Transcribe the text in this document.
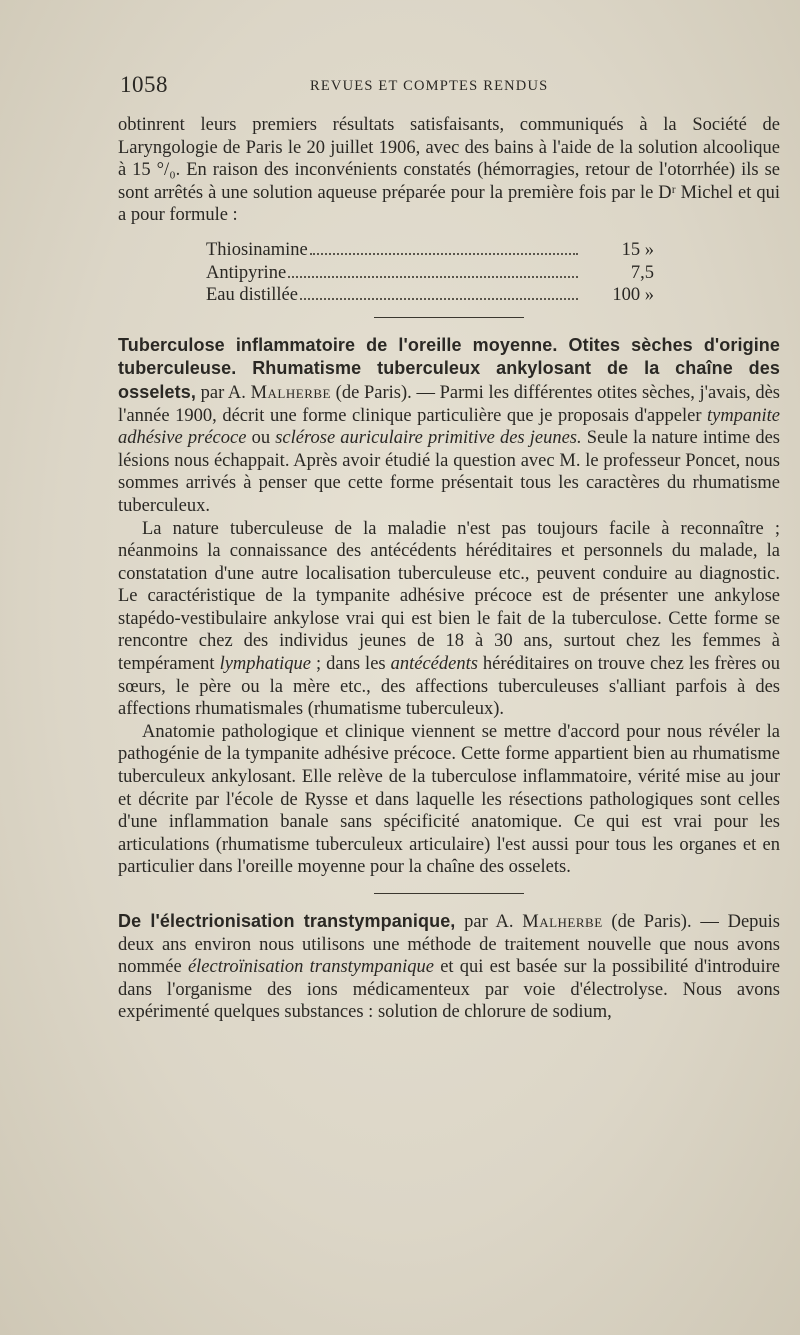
1058	REVUES ET COMPTES RENDUS

obtinrent leurs premiers résultats satisfaisants, communiqués à la Société de Laryngologie de Paris le 20 juillet 1906, avec des bains à l'aide de la solution alcoolique à 15 °/₀. En raison des inconvénients constatés (hémorragies, retour de l'otorrhée) ils se sont arrêtés à une solution aqueuse préparée pour la première fois par le Dʳ Michel et qui a pour formule :

Thiosinamine	15 »
Antipyrine	7,5
Eau distillée	100 »

Tuberculose inflammatoire de l'oreille moyenne. Otites sèches d'origine tuberculeuse. Rhumatisme tuberculeux ankylosant de la chaîne des osselets, par A. Malherbe (de Paris). — Parmi les différentes otites sèches, j'avais, dès l'année 1900, décrit une forme clinique particulière que je proposais d'appeler tympanite adhésive précoce ou sclérose auriculaire primitive des jeunes. Seule la nature intime des lésions nous échappait. Après avoir étudié la question avec M. le professeur Poncet, nous sommes arrivés à penser que cette forme présentait tous les caractères du rhumatisme tuberculeux.

La nature tuberculeuse de la maladie n'est pas toujours facile à reconnaître ; néanmoins la connaissance des antécédents héréditaires et personnels du malade, la constatation d'une autre localisation tuberculeuse etc., peuvent conduire au diagnostic. Le caractéristique de la tympanite adhésive précoce est de présenter une ankylose stapédo-vestibulaire ankylose vrai qui est bien le fait de la tuberculose. Cette forme se rencontre chez des individus jeunes de 18 à 30 ans, surtout chez les femmes à tempérament lymphatique ; dans les antécédents héréditaires on trouve chez les frères ou sœurs, le père ou la mère etc., des affections tuberculeuses s'alliant parfois à des affections rhumatismales (rhumatisme tuberculeux).

Anatomie pathologique et clinique viennent se mettre d'accord pour nous révéler la pathogénie de la tympanite adhésive précoce. Cette forme appartient bien au rhumatisme tuberculeux ankylosant. Elle relève de la tuberculose inflammatoire, vérité mise au jour et décrite par l'école de Rysse et dans laquelle les résections pathologiques sont celles d'une inflammation banale sans spécificité anatomique. Ce qui est vrai pour les articulations (rhumatisme tuberculeux articulaire) l'est aussi pour tous les organes et en particulier dans l'oreille moyenne pour la chaîne des osselets.

De l'électrionisation transtympanique, par A. Malherbe (de Paris). — Depuis deux ans environ nous utilisons une méthode de traitement nouvelle que nous avons nommée électroïnisation transtympanique et qui est basée sur la possibilité d'introduire dans l'organisme des ions médicamenteux par voie d'électrolyse. Nous avons expérimenté quelques substances : solution de chlorure de sodium,
